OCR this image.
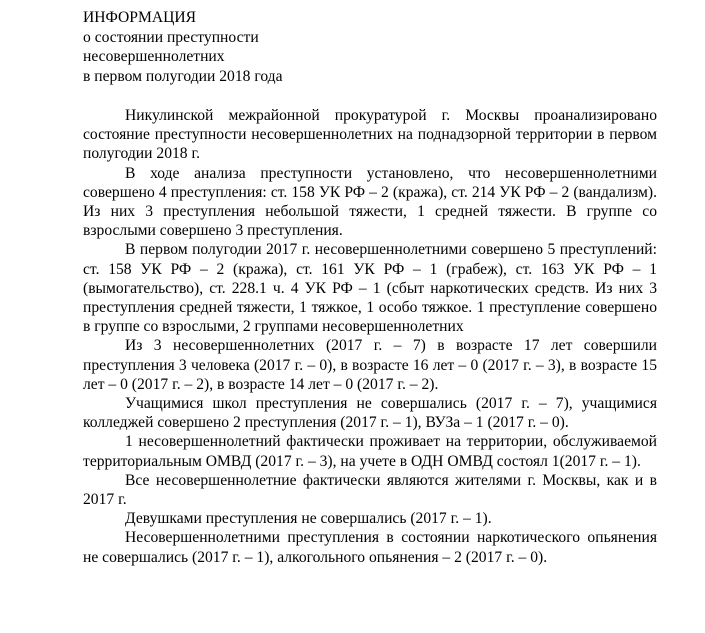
ИНФОРМАЦИЯ
о состоянии преступности
несовершеннолетних
в первом полугодии 2018 года

Никулинской межрайонной прокуратурой г. Москвы проанализировано состояние преступности несовершеннолетних на поднадзорной территории в первом полугодии 2018 г.

В ходе анализа преступности установлено, что несовершеннолетними совершено 4 преступления: ст. 158 УК РФ – 2 (кража), ст. 214 УК РФ – 2 (вандализм). Из них 3 преступления небольшой тяжести, 1 средней тяжести. В группе со взрослыми совершено 3 преступления.

В первом полугодии 2017 г. несовершеннолетними совершено 5 преступлений: ст. 158 УК РФ – 2 (кража), ст. 161 УК РФ – 1 (грабеж), ст. 163 УК РФ – 1 (вымогательство), ст. 228.1 ч. 4 УК РФ – 1 (сбыт наркотических средств. Из них 3 преступления средней тяжести, 1 тяжкое, 1 особо тяжкое. 1 преступление совершено в группе со взрослыми, 2 группами несовершеннолетних

Из 3 несовершеннолетних (2017 г. – 7) в возрасте 17 лет совершили преступления 3 человека (2017 г. – 0), в возрасте 16 лет – 0 (2017 г. – 3), в возрасте 15 лет – 0 (2017 г. – 2), в возрасте 14 лет – 0 (2017 г. – 2).

Учащимися школ преступления не совершались (2017 г. – 7), учащимися колледжей совершено 2 преступления (2017 г. – 1), ВУЗа – 1 (2017 г. – 0).

1 несовершеннолетний фактически проживает на территории, обслуживаемой территориальным ОМВД (2017 г. – 3), на учете в ОДН ОМВД состоял 1(2017 г. – 1).

Все несовершеннолетние фактически являются жителями г. Москвы, как и в 2017 г.

Девушками преступления не совершались (2017 г. – 1).

Несовершеннолетними преступления в состоянии наркотического опьянения не совершались (2017 г. – 1), алкогольного опьянения – 2 (2017 г. – 0).
